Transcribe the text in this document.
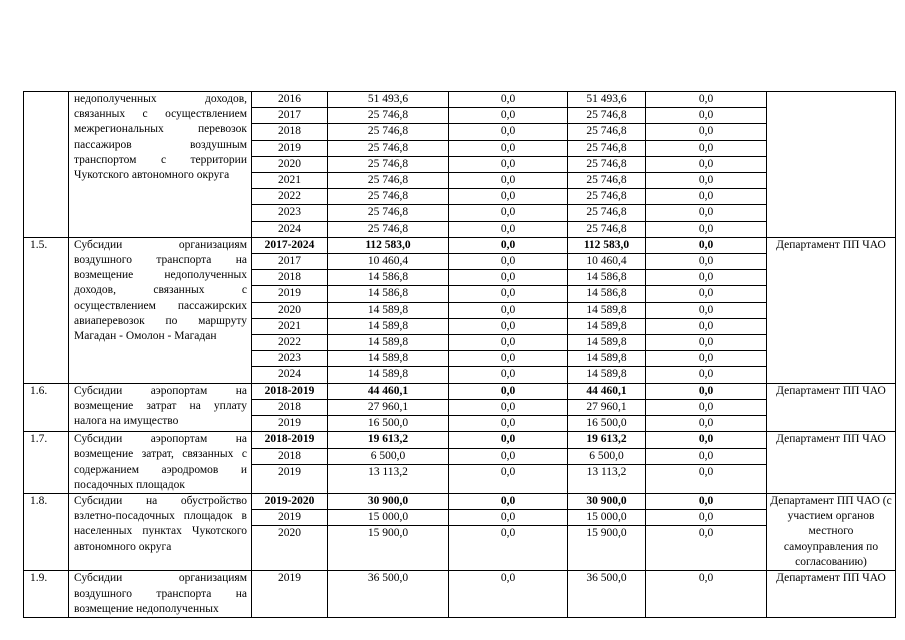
	недополученных доходов, связанных с осуществлением межрегиональных перевозок пассажиров воздушным транспортом с территории Чукотского автономного округа	2016	51 493,6	0,0	51 493,6	0,0	
		2017	25 746,8	0,0	25 746,8	0,0	
		2018	25 746,8	0,0	25 746,8	0,0	
		2019	25 746,8	0,0	25 746,8	0,0	
		2020	25 746,8	0,0	25 746,8	0,0	
		2021	25 746,8	0,0	25 746,8	0,0	
		2022	25 746,8	0,0	25 746,8	0,0	
		2023	25 746,8	0,0	25 746,8	0,0	
		2024	25 746,8	0,0	25 746,8	0,0	
1.5.	Субсидии организациям воздушного транспорта на возмещение недополученных доходов, связанных с осуществлением пассажирских авиаперевозок по маршруту Магадан - Омолон - Магадан	2017-2024	112 583,0	0,0	112 583,0	0,0	Департамент ПП ЧАО
		2017	10 460,4	0,0	10 460,4	0,0	
		2018	14 586,8	0,0	14 586,8	0,0	
		2019	14 586,8	0,0	14 586,8	0,0	
		2020	14 589,8	0,0	14 589,8	0,0	
		2021	14 589,8	0,0	14 589,8	0,0	
		2022	14 589,8	0,0	14 589,8	0,0	
		2023	14 589,8	0,0	14 589,8	0,0	
		2024	14 589,8	0,0	14 589,8	0,0	
1.6.	Субсидии аэропортам на возмещение затрат на уплату налога на имущество	2018-2019	44 460,1	0,0	44 460,1	0,0	Департамент ПП ЧАО
		2018	27 960,1	0,0	27 960,1	0,0	
		2019	16 500,0	0,0	16 500,0	0,0	
1.7.	Субсидии аэропортам на возмещение затрат, связанных с содержанием аэродромов и посадочных площадок	2018-2019	19 613,2	0,0	19 613,2	0,0	Департамент ПП ЧАО
		2018	6 500,0	0,0	6 500,0	0,0	
		2019	13 113,2	0,0	13 113,2	0,0	
1.8.	Субсидии на обустройство взлетно-посадочных площадок в населенных пунктах Чукотского автономного округа	2019-2020	30 900,0	0,0	30 900,0	0,0	Департамент ПП ЧАО (с участием органов местного самоуправления по согласованию)
		2019	15 000,0	0,0	15 000,0	0,0	
		2020	15 900,0	0,0	15 900,0	0,0	
1.9.	Субсидии организациям воздушного транспорта на возмещение недополученных	2019	36 500,0	0,0	36 500,0	0,0	Департамент ПП ЧАО
